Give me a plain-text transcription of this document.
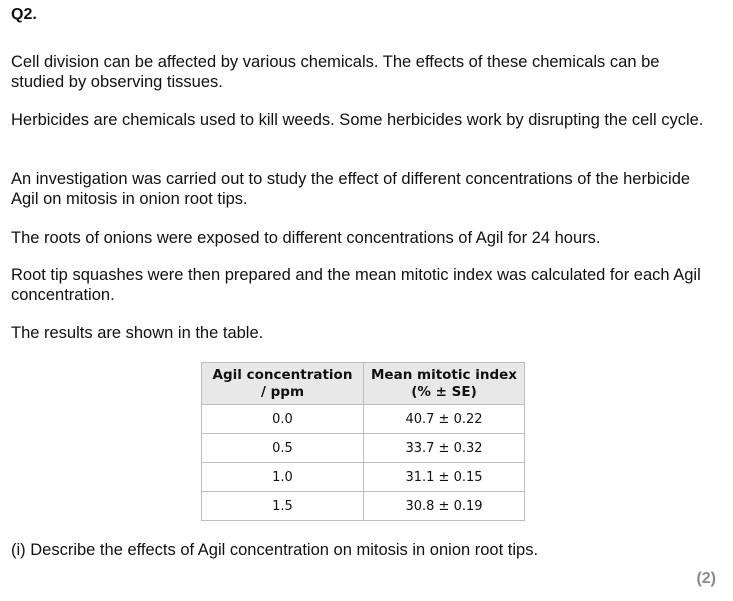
Q2.

Cell division can be affected by various chemicals. The effects of these chemicals can be studied by observing tissues.

Herbicides are chemicals used to kill weeds. Some herbicides work by disrupting the cell cycle.

An investigation was carried out to study the effect of different concentrations of the herbicide Agil on mitosis in onion root tips.

The roots of onions were exposed to different concentrations of Agil for 24 hours.

Root tip squashes were then prepared and the mean mitotic index was calculated for each Agil concentration.

The results are shown in the table.

Agil concentration
/ ppm	Mean mitotic index
(% ± SE)
0.0	40.7 ± 0.22
0.5	33.7 ± 0.32
1.0	31.1 ± 0.15
1.5	30.8 ± 0.19

(i) Describe the effects of Agil concentration on mitosis in onion root tips.

(2)
